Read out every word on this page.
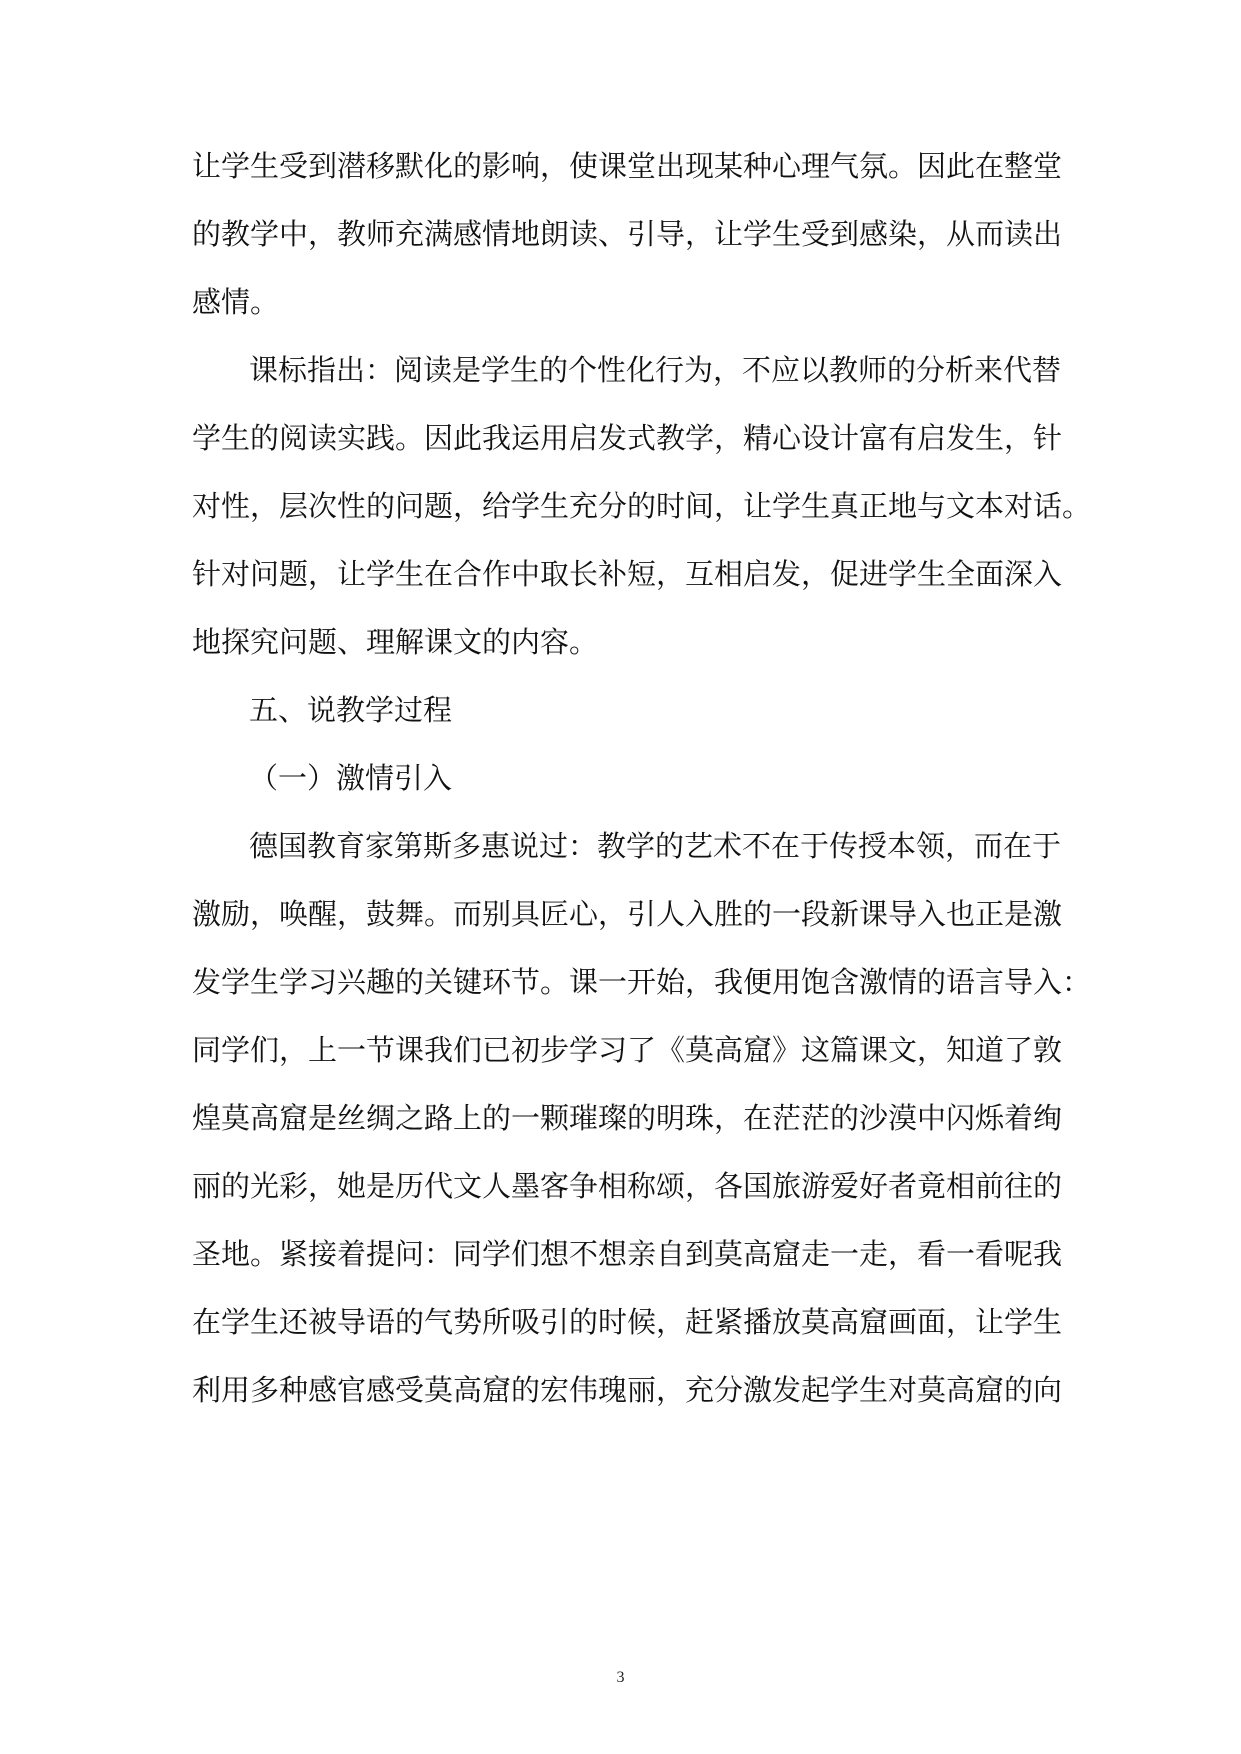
让学生受到潜移默化的影响，使课堂出现某种心理气氛。因此在整堂
的教学中，教师充满感情地朗读、引导，让学生受到感染，从而读出
感情。
课标指出：阅读是学生的个性化行为，不应以教师的分析来代替
学生的阅读实践。因此我运用启发式教学，精心设计富有启发生，针
对性，层次性的问题，给学生充分的时间，让学生真正地与文本对话。
针对问题，让学生在合作中取长补短，互相启发，促进学生全面深入
地探究问题、理解课文的内容。
五、说教学过程
（一）激情引入
德国教育家第斯多惠说过：教学的艺术不在于传授本领，而在于
激励，唤醒，鼓舞。而别具匠心，引人入胜的一段新课导入也正是激
发学生学习兴趣的关键环节。课一开始，我便用饱含激情的语言导入：
同学们，上一节课我们已初步学习了《莫高窟》这篇课文，知道了敦
煌莫高窟是丝绸之路上的一颗璀璨的明珠，在茫茫的沙漠中闪烁着绚
丽的光彩，她是历代文人墨客争相称颂，各国旅游爱好者竟相前往的
圣地。紧接着提问：同学们想不想亲自到莫高窟走一走，看一看呢我
在学生还被导语的气势所吸引的时候，赶紧播放莫高窟画面，让学生
利用多种感官感受莫高窟的宏伟瑰丽，充分激发起学生对莫高窟的向
3
